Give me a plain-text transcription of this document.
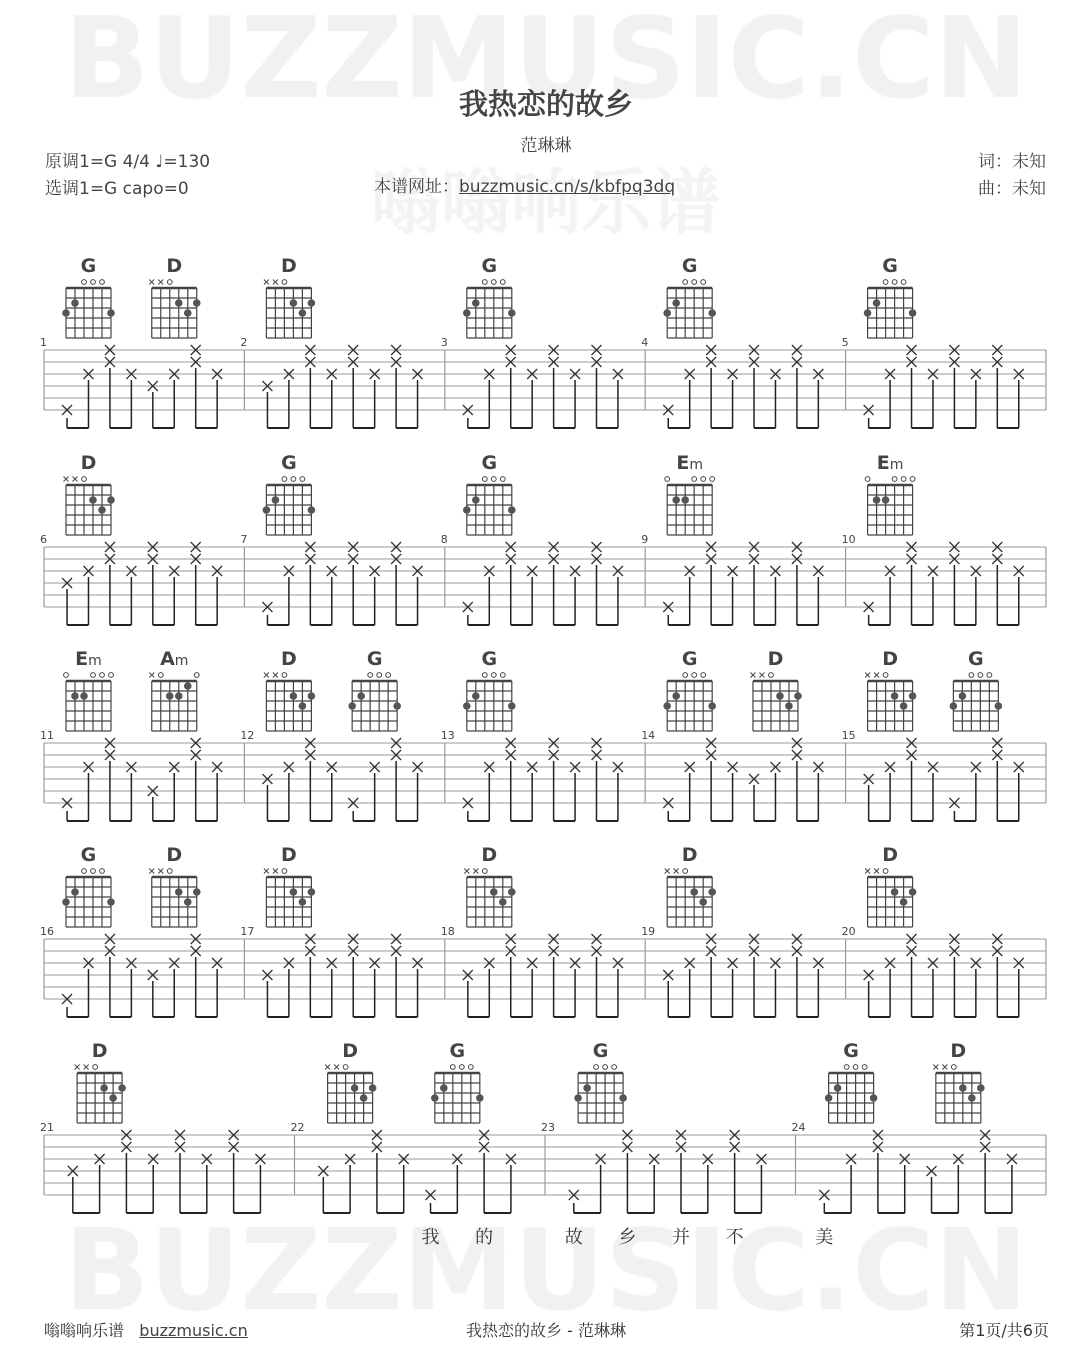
我热恋的故乡
范琳琳
原调1=G 4/4 ♩=130
选调1=G capo=0	本谱网址：buzzmusic.cn/s/kbfpq3dq
词：未知
曲：未知
1
G	D
2
D
3
G
4
G
5
G
6
D
7
G
8
G
9
Em
10
Em
11
Em	Am
12
D	G
13
G
14
G	D
15
D	G
16
G	D
17
D
18
D
19
D
20
D
21
D
22
D	G
我 的
23
G
故 乡 并 不
24
G	D
美
嗡嗡响乐谱 buzzmusic.cn	我热恋的故乡 - 范琳琳	第1页/共6页
